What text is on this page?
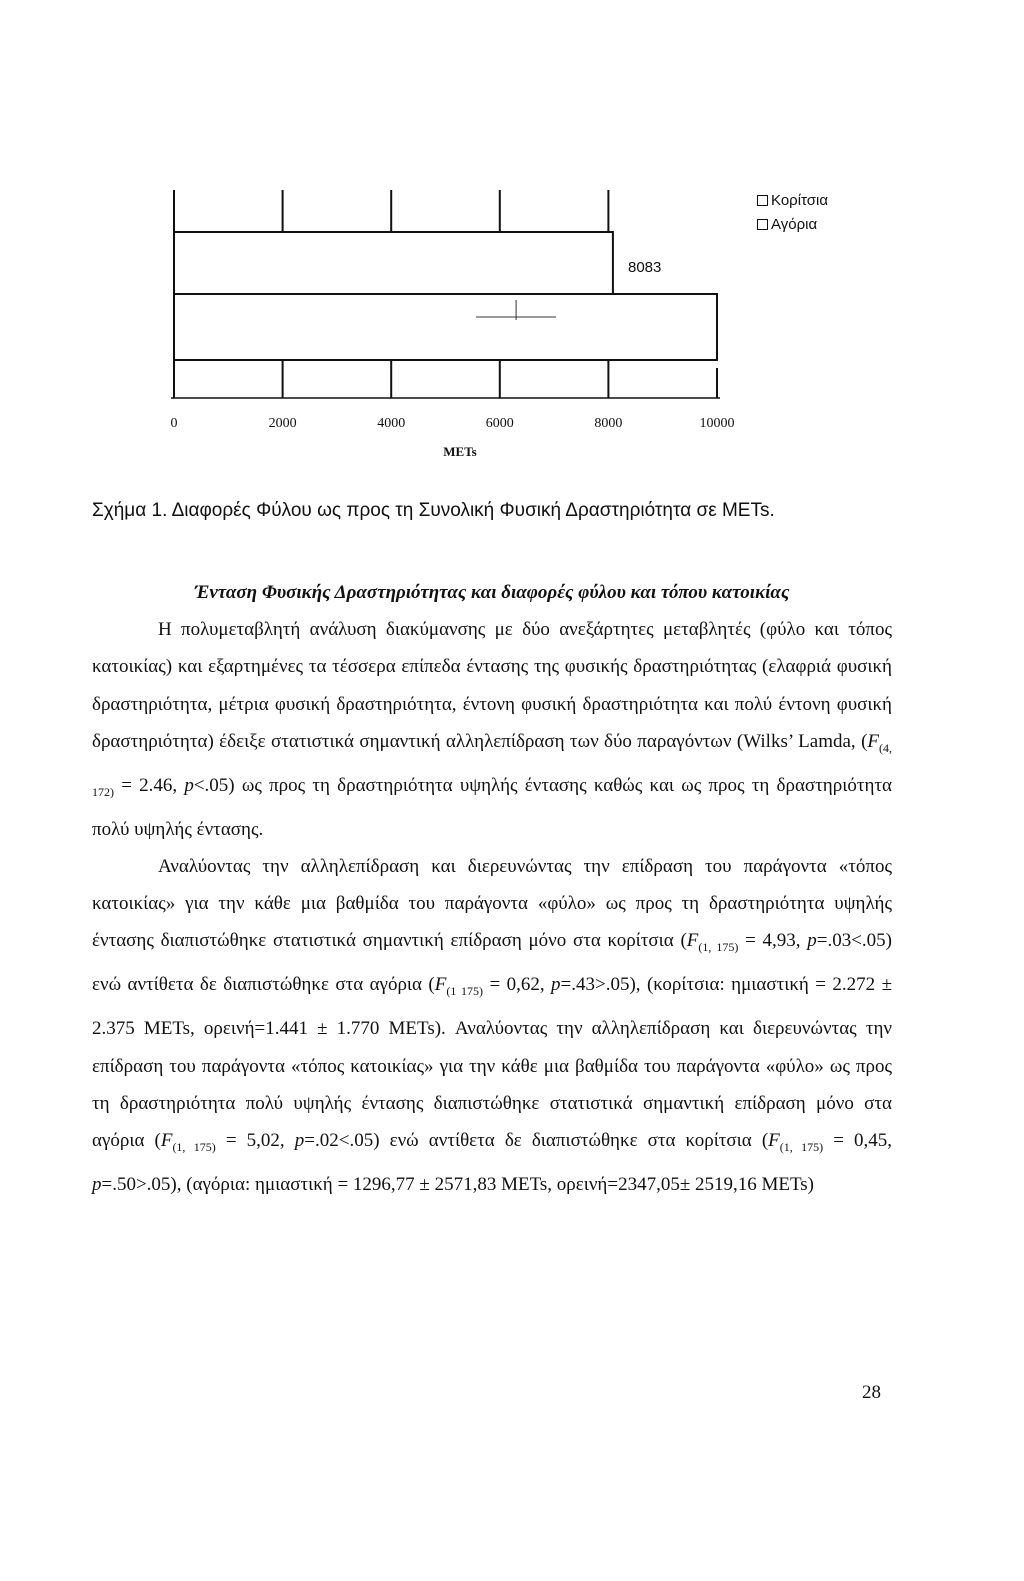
0	2000	4000	6000	8000	10000
8083
METs
Κορίτσια
Αγόρια
Σχήμα 1. Διαφορές Φύλου ως προς τη Συνολική Φυσική Δραστηριότητα σε METs.

Ένταση Φυσικής Δραστηριότητας και διαφορές φύλου και τόπου κατοικίας

Η πολυμεταβλητή ανάλυση διακύμανσης με δύο ανεξάρτητες μεταβλητές (φύλο και τόπος κατοικίας) και εξαρτημένες τα τέσσερα επίπεδα έντασης της φυσικής δραστηριότητας (ελαφριά φυσική δραστηριότητα, μέτρια φυσική δραστηριότητα, έντονη φυσική δραστηριότητα και πολύ έντονη φυσική δραστηριότητα) έδειξε στατιστικά σημαντική αλληλεπίδραση των δύο παραγόντων (Wilks’ Lamda, ($F_{(4, 172)} = 2.46$, p<.05) ως προς τη δραστηριότητα υψηλής έντασης καθώς και ως προς τη δραστηριότητα πολύ υψηλής έντασης.

Αναλύοντας την αλληλεπίδραση και διερευνώντας την επίδραση του παράγοντα «τόπος κατοικίας» για την κάθε μια βαθμίδα του παράγοντα «φύλο» ως προς τη δραστηριότητα υψηλής έντασης διαπιστώθηκε στατιστικά σημαντική επίδραση μόνο στα κορίτσια ($F_{(1, 175)} = 4,93$, p=.03<.05) ενώ αντίθετα δε διαπιστώθηκε στα αγόρια ($F_{(1 175)} = 0,62$, p=.43>.05), (κορίτσια: ημιαστική = 2.272 ± 2.375 METs, ορεινή=1.441 ± 1.770 METs). Αναλύοντας την αλληλεπίδραση και διερευνώντας την επίδραση του παράγοντα «τόπος κατοικίας» για την κάθε μια βαθμίδα του παράγοντα «φύλο» ως προς τη δραστηριότητα πολύ υψηλής έντασης διαπιστώθηκε στατιστικά σημαντική επίδραση μόνο στα αγόρια ($F_{(1, 175)} = 5,02$, p=.02<.05) ενώ αντίθετα δε διαπιστώθηκε στα κορίτσια ($F_{(1, 175)} = 0,45$, p=.50>.05), (αγόρια: ημιαστική = 1296,77 ± 2571,83 METs, ορεινή=2347,05± 2519,16 METs)

28
